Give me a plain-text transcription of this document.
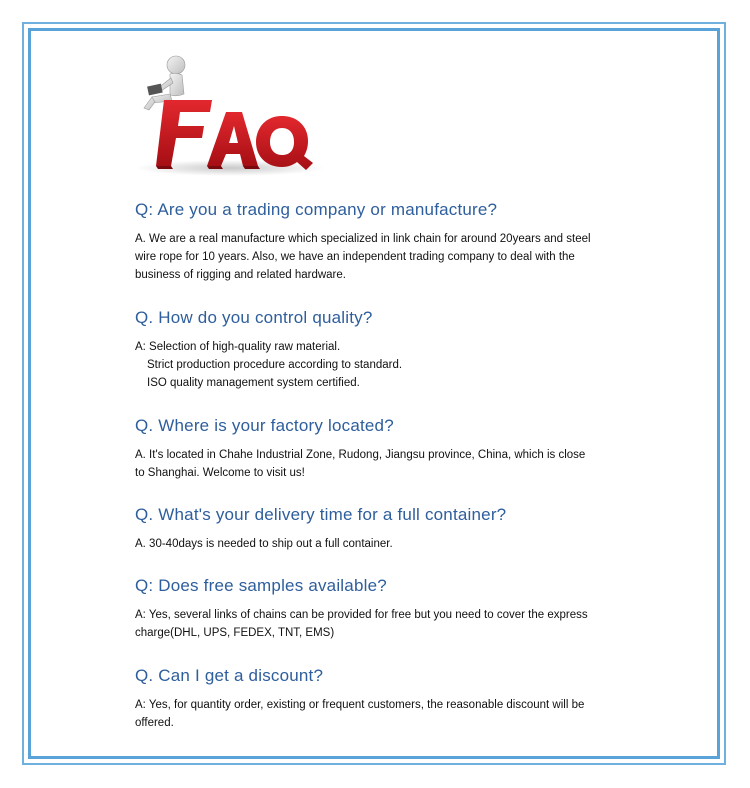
Q: Are you a trading company or manufacture?
A. We are a real manufacture which specialized in link chain for around 20years and steel
wire rope for 10 years. Also, we have an independent trading company to deal with the
business of rigging and related hardware.
Q. How do you control quality?
A: Selection of high-quality raw material.
Strict production procedure according to standard.
ISO quality management system certified.
Q. Where is your factory located?
A. It's located in Chahe Industrial Zone, Rudong, Jiangsu province, China, which is close
to Shanghai. Welcome to visit us!
Q. What's your delivery time for a full container?
A. 30-40days is needed to ship out a full container.
Q: Does free samples available?
A: Yes, several links of chains can be provided for free but you need to cover the express
charge(DHL, UPS, FEDEX, TNT, EMS)
Q. Can I get a discount?
A: Yes, for quantity order, existing or frequent customers, the reasonable discount will be
offered.
